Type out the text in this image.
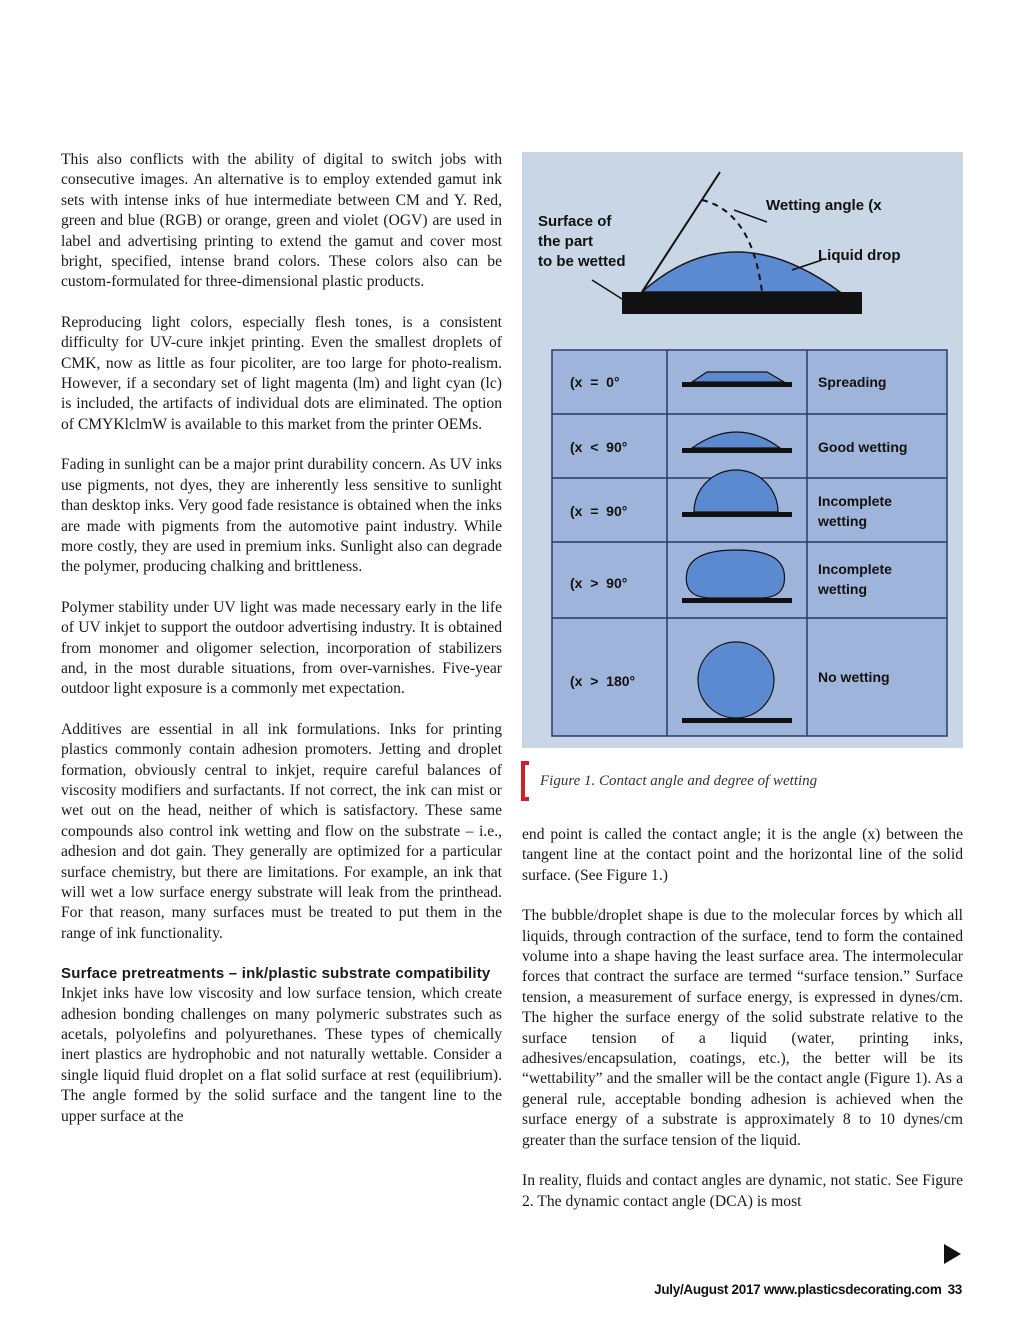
This also conflicts with the ability of digital to switch jobs with consecutive images. An alternative is to employ extended gamut ink sets with intense inks of hue intermediate between CM and Y. Red, green and blue (RGB) or orange, green and violet (OGV) are used in label and advertising printing to extend the gamut and cover most bright, specified, intense brand colors. These colors also can be custom-formulated for three-dimensional plastic products.

Reproducing light colors, especially flesh tones, is a consistent difficulty for UV-cure inkjet printing. Even the smallest droplets of CMK, now as little as four picoliter, are too large for photo-realism. However, if a secondary set of light magenta (lm) and light cyan (lc) is included, the artifacts of individual dots are eliminated. The option of CMYKlclmW is available to this market from the printer OEMs.

Fading in sunlight can be a major print durability concern. As UV inks use pigments, not dyes, they are inherently less sensitive to sunlight than desktop inks. Very good fade resistance is obtained when the inks are made with pigments from the automotive paint industry. While more costly, they are used in premium inks. Sunlight also can degrade the polymer, producing chalking and brittleness.

Polymer stability under UV light was made necessary early in the life of UV inkjet to support the outdoor advertising industry. It is obtained from monomer and oligomer selection, incorporation of stabilizers and, in the most durable situations, from over-varnishes. Five-year outdoor light exposure is a commonly met expectation.

Additives are essential in all ink formulations. Inks for printing plastics commonly contain adhesion promoters. Jetting and droplet formation, obviously central to inkjet, require careful balances of viscosity modifiers and surfactants. If not correct, the ink can mist or wet out on the head, neither of which is satisfactory. These same compounds also control ink wetting and flow on the substrate – i.e., adhesion and dot gain. They generally are optimized for a particular surface chemistry, but there are limitations. For example, an ink that will wet a low surface energy substrate will leak from the printhead. For that reason, many surfaces must be treated to put them in the range of ink functionality.

Surface pretreatments – ink/plastic substrate compatibility

Inkjet inks have low viscosity and low surface tension, which create adhesion bonding challenges on many polymeric substrates such as acetals, polyolefins and polyurethanes. These types of chemically inert plastics are hydrophobic and not naturally wettable. Consider a single liquid fluid droplet on a flat solid surface at rest (equilibrium). The angle formed by the solid surface and the tangent line to the upper surface at the

Surface of
the part
to be wetted
Wetting angle (x
Liquid drop
(x  =  0°
(x  <  90°
(x  =  90°
(x  >  90°
(x  >  180°
Spreading
Good wetting
Incomplete
wetting
Incomplete
wetting
No wetting
Figure 1. Contact angle and degree of wetting

end point is called the contact angle; it is the angle (x) between the tangent line at the contact point and the horizontal line of the solid surface. (See Figure 1.)

The bubble/droplet shape is due to the molecular forces by which all liquids, through contraction of the surface, tend to form the contained volume into a shape having the least surface area. The intermolecular forces that contract the surface are termed “surface tension.” Surface tension, a measurement of surface energy, is expressed in dynes/cm. The higher the surface energy of the solid substrate relative to the surface tension of a liquid (water, printing inks, adhesives/encapsulation, coatings, etc.), the better will be its “wettability” and the smaller will be the contact angle (Figure 1). As a general rule, acceptable bonding adhesion is achieved when the surface energy of a substrate is approximately 8 to 10 dynes/cm greater than the surface tension of the liquid.

In reality, fluids and contact angles are dynamic, not static. See Figure 2. The dynamic contact angle (DCA) is most

July/August 2017 www.plasticsdecorating.com 33
